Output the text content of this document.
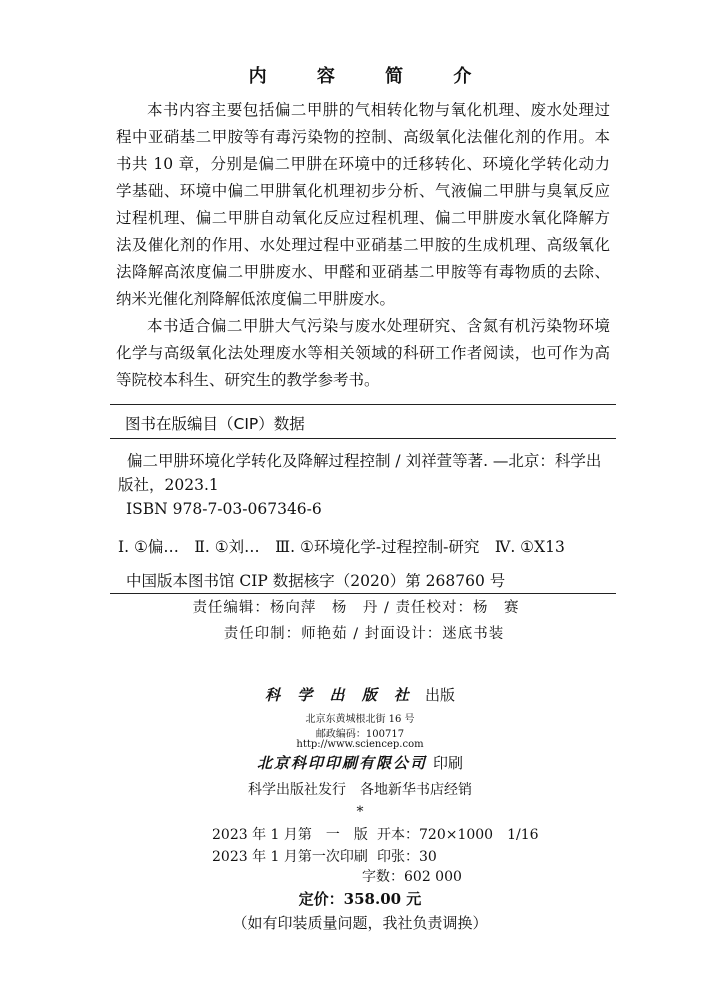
内 容 简 介

本书内容主要包括偏二甲肼的气相转化物与氧化机理、废水处理过程中亚硝基二甲胺等有毒污染物的控制、高级氧化法催化剂的作用。本书共 10 章，分别是偏二甲肼在环境中的迁移转化、环境化学转化动力学基础、环境中偏二甲肼氧化机理初步分析、气液偏二甲肼与臭氧反应过程机理、偏二甲肼自动氧化反应过程机理、偏二甲肼废水氧化降解方法及催化剂的作用、水处理过程中亚硝基二甲胺的生成机理、高级氧化法降解高浓度偏二甲肼废水、甲醛和亚硝基二甲胺等有毒物质的去除、纳米光催化剂降解低浓度偏二甲肼废水。

本书适合偏二甲肼大气污染与废水处理研究、含氮有机污染物环境化学与高级氧化法处理废水等相关领域的科研工作者阅读，也可作为高等院校本科生、研究生的教学参考书。

图书在版编目（CIP）数据
偏二甲肼环境化学转化及降解过程控制 / 刘祥萱等著. —北京：科学出版社，2023.1
ISBN 978-7-03-067346-6
Ⅰ. ①偏…　Ⅱ. ①刘…　Ⅲ. ①环境化学-过程控制-研究　Ⅳ. ①X13
中国版本图书馆 CIP 数据核字（2020）第 268760 号
责任编辑：杨向萍　杨　丹 / 责任校对：杨　赛
责任印制：师艳茹 / 封面设计：迷底书装
科 学 出 版 社 出版
北京东黄城根北街 16 号
邮政编码：100717
http://www.sciencep.com
北京科印印刷有限公司 印刷
科学出版社发行　各地新华书店经销
*
2023 年 1 月第　一　版 开本：720×1000　1/16
2023 年 1 月第一次印刷 印张：30
字数：602 000
定价：358.00 元
（如有印装质量问题，我社负责调换）
